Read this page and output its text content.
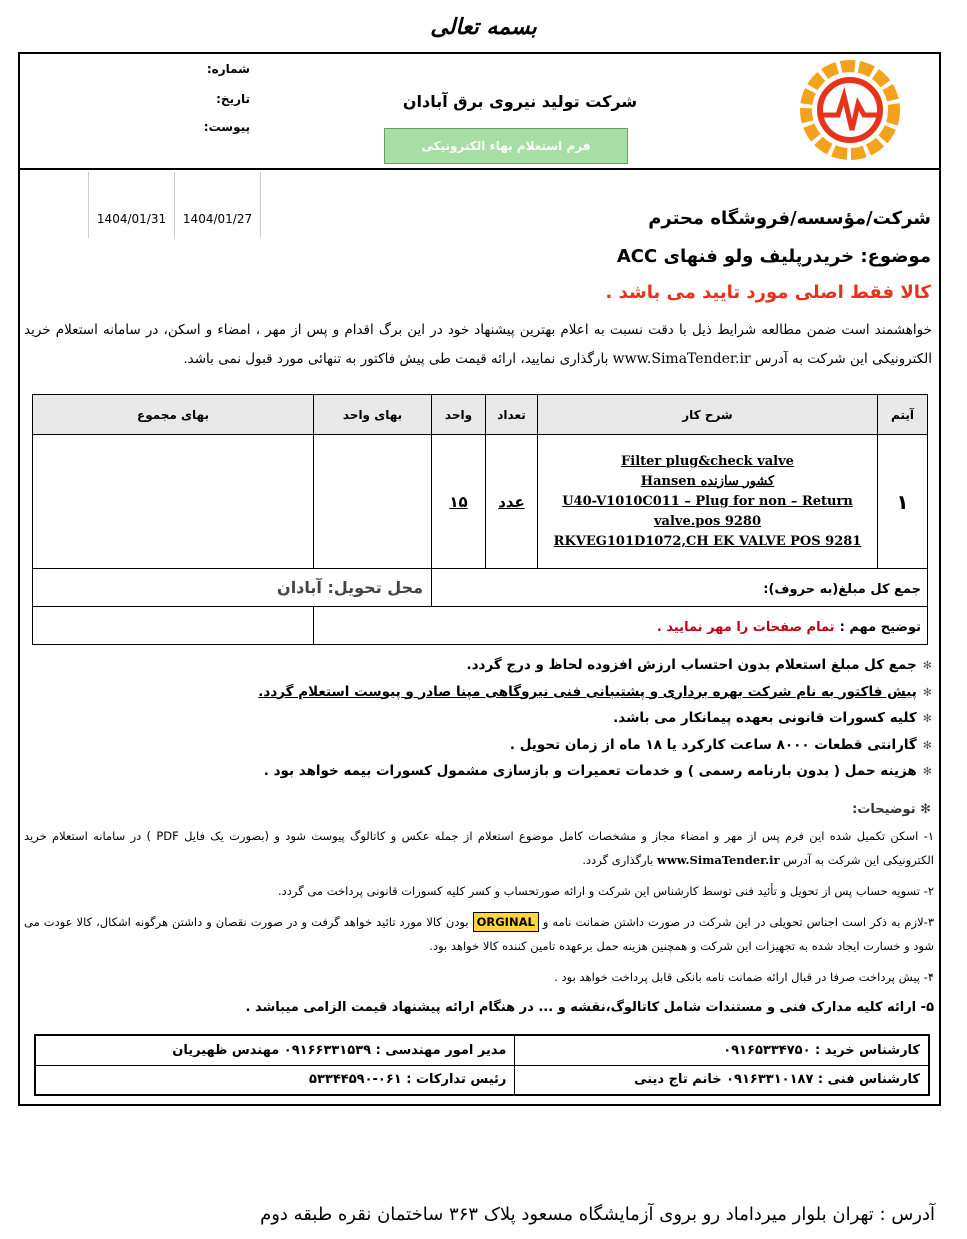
بسمه تعالی
شرکت تولید نیروی برق آبادان
فرم استعلام بهاء الکترونیکی
شماره:
تاریخ:
پیوست:
1404/01/31	1404/01/27	شرکت/مؤسسه/فروشگاه محترم
موضوع: خریدرپلیف ولو فنهای ACC
کالا فقط اصلی مورد تایید می باشد .
خواهشمند است ضمن مطالعه شرایط ذیل با دقت نسبت به اعلام بهترین پیشنهاد خود در این برگ اقدام و پس از مهر ، امضاء و اسکن، در سامانه استعلام خرید الکترونیکی این شرکت به آدرس www.SimaTender.ir بارگذاری نمایید، ارائه قیمت طی پیش فاکتور به تنهائی مورد قبول نمی باشد.
آیتم	شرح کار	تعداد	واحد	بهای واحد	بهای مجموع
۱	Filter plug&check valve
Hansen کشور سازنده
U40-V1010C011 – Plug for non – Return valve.pos 9280
RKVEG101D1072,CH EK VALVE POS 9281	عدد	۱۵		
جمع کل مبلغ(به حروف):				محل تحویل: آبادان	
توضیح مهم : تمام صفحات را مهر نمایید .					
✻جمع کل مبلغ استعلام بدون احتساب ارزش افزوده لحاظ و درج گردد.
✻پیش فاکتور به نام شرکت بهره برداری و پشتیبانی فنی نیروگاهی مپنا صادر و پیوست استعلام گردد.
✻کلیه کسورات قانونی بعهده پیمانکار می باشد.
✻گارانتی قطعات ۸۰۰۰ ساعت کارکرد یا ۱۸ ماه از زمان تحویل .
✻هزینه حمل ( بدون بارنامه رسمی ) و خدمات تعمیرات و بازسازی مشمول کسورات بیمه خواهد بود .
✻ توضیحات:

۱- اسکن تکمیل شده این فرم پس از مهر و امضاء مجاز و مشخصات کامل موضوع استعلام از جمله عکس و کاتالوگ پیوست شود و (بصورت یک فایل PDF ) در سامانه استعلام خرید الکترونیکی این شرکت به آدرس www.SimaTender.ir بارگذاری گردد.

۲- تسویه حساب پس از تحویل و تأئید فنی توسط کارشناس این شرکت و ارائه صورتحساب و کسر کلیه کسورات قانونی پرداخت می گردد.

۳-لازم به ذکر است اجناس تحویلی در این شرکت در صورت داشتن ضمانت نامه و ORGINAL بودن کالا مورد تائید خواهد گرفت و در صورت نقصان و داشتن هرگونه اشکال، کالا عودت می شود و خسارت ایجاد شده به تجهیزات این شرکت و همچنین هزینه حمل برعهده تامین کننده کالا خواهد بود.

۴- پیش پرداخت صرفا در قبال ارائه ضمانت نامه بانکی قابل پرداخت خواهد بود .

۵- ارائه کلیه مدارک فنی و مستندات شامل کاتالوگ،نقشه و ... در هنگام ارائه پیشنهاد قیمت الزامی میباشد .

کارشناس خرید : ۰۹۱۶۵۳۳۴۷۵۰	مدیر امور مهندسی : ۰۹۱۶۶۳۳۱۵۳۹ مهندس ظهیریان
کارشناس فنی : ۰۹۱۶۳۳۱۰۱۸۷ خانم تاج دینی	رئیس تدارکات : ۰۶۱-۵۳۳۴۴۵۹۰
آدرس : تهران بلوار میرداماد رو بروی آزمایشگاه مسعود پلاک ۳۶۳ ساختمان نقره طبقه دوم
